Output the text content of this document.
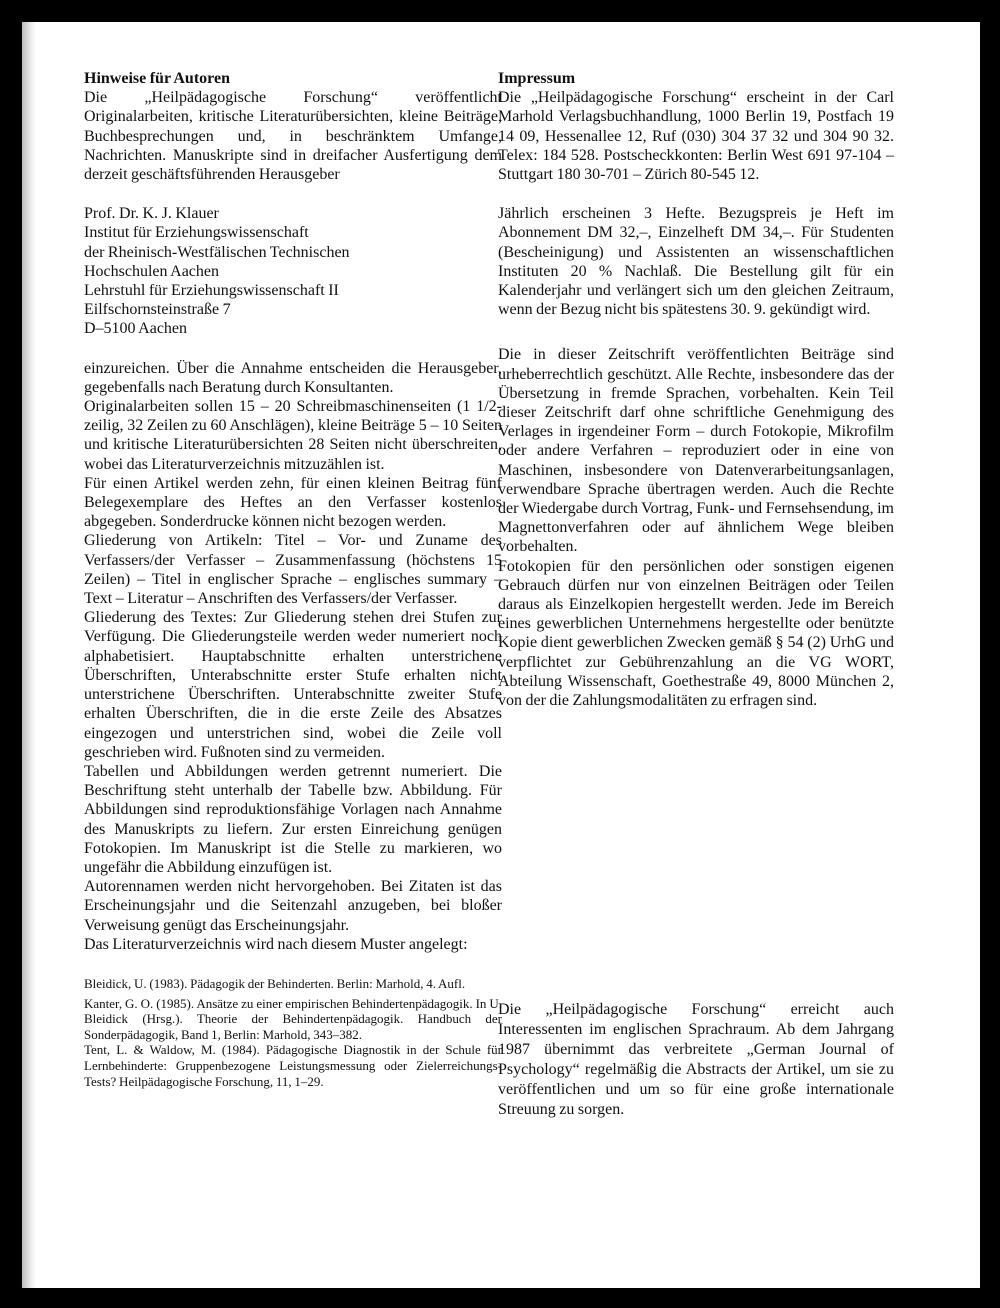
Hinweise für Autoren

Die „Heilpädagogische Forschung“ veröffentlicht Originalarbeiten, kritische Literaturübersichten, kleine Beiträge, Buchbesprechungen und, in beschränktem Umfange, Nachrichten. Manuskripte sind in dreifacher Ausfertigung dem derzeit geschäftsführenden Herausgeber

Prof. Dr. K. J. Klauer
Institut für Erziehungswissenschaft
der Rheinisch-Westfälischen Technischen
Hochschulen Aachen
Lehrstuhl für Erziehungswissenschaft II
Eilfschornsteinstraße 7
D–5100 Aachen

einzureichen. Über die Annahme entscheiden die Herausgeber, gegebenfalls nach Beratung durch Konsultanten.

Originalarbeiten sollen 15 – 20 Schreibmaschinenseiten (1 1/2-zeilig, 32 Zeilen zu 60 Anschlägen), kleine Beiträge 5 – 10 Seiten und kritische Literaturübersichten 28 Seiten nicht überschreiten, wobei das Literaturverzeichnis mitzuzählen ist.

Für einen Artikel werden zehn, für einen kleinen Beitrag fünf Belegexemplare des Heftes an den Verfasser kostenlos abgegeben. Sonderdrucke können nicht bezogen werden.

Gliederung von Artikeln: Titel – Vor- und Zuname des Verfassers/der Verfasser – Zusammenfassung (höchstens 15 Zeilen) – Titel in englischer Sprache – englisches summary – Text – Literatur – Anschriften des Verfassers/der Verfasser.

Gliederung des Textes: Zur Gliederung stehen drei Stufen zur Verfügung. Die Gliederungsteile werden weder numeriert noch alphabetisiert. Hauptabschnitte erhalten unterstrichene Überschriften, Unterabschnitte erster Stufe erhalten nicht unterstrichene Überschriften. Unterabschnitte zweiter Stufe erhalten Überschriften, die in die erste Zeile des Absatzes eingezogen und unterstrichen sind, wobei die Zeile voll geschrieben wird. Fußnoten sind zu vermeiden.

Tabellen und Abbildungen werden getrennt numeriert. Die Beschriftung steht unterhalb der Tabelle bzw. Abbildung. Für Abbildungen sind reproduktionsfähige Vorlagen nach Annahme des Manuskripts zu liefern. Zur ersten Einreichung genügen Fotokopien. Im Manuskript ist die Stelle zu markieren, wo ungefähr die Abbildung einzufügen ist.

Autorennamen werden nicht hervorgehoben. Bei Zitaten ist das Erscheinungsjahr und die Seitenzahl anzugeben, bei bloßer Verweisung genügt das Erscheinungsjahr.

Das Literaturverzeichnis wird nach diesem Muster angelegt:

Bleidick, U. (1983). Pädagogik der Behinderten. Berlin: Marhold, 4. Aufl.

Kanter, G. O. (1985). Ansätze zu einer empirischen Behindertenpädagogik. In U. Bleidick (Hrsg.). Theorie der Behindertenpädagogik. Handbuch der Sonderpädagogik, Band 1, Berlin: Marhold, 343–382.

Tent, L. & Waldow, M. (1984). Pädagogische Diagnostik in der Schule für Lernbehinderte: Gruppenbezogene Leistungsmessung oder Zielerreichungs-Tests? Heilpädagogische Forschung, 11, 1–29.

Impressum

Die „Heilpädagogische Forschung“ erscheint in der Carl Marhold Verlagsbuchhandlung, 1000 Berlin 19, Postfach 19 14 09, Hessenallee 12, Ruf (030) 304 37 32 und 304 90 32. Telex: 184 528. Postscheckkonten: Berlin West 691 97-104 – Stuttgart 180 30-701 – Zürich 80-545 12.

Jährlich erscheinen 3 Hefte. Bezugspreis je Heft im Abonnement DM 32,–, Einzelheft DM 34,–. Für Studenten (Bescheinigung) und Assistenten an wissenschaftlichen Instituten 20 % Nachlaß. Die Bestellung gilt für ein Kalenderjahr und verlängert sich um den gleichen Zeitraum, wenn der Bezug nicht bis spätestens 30. 9. gekündigt wird.

Die in dieser Zeitschrift veröffentlichten Beiträge sind urheberrechtlich geschützt. Alle Rechte, insbesondere das der Übersetzung in fremde Sprachen, vorbehalten. Kein Teil dieser Zeitschrift darf ohne schriftliche Genehmigung des Verlages in irgendeiner Form – durch Fotokopie, Mikrofilm oder andere Verfahren – reproduziert oder in eine von Maschinen, insbesondere von Datenverarbeitungsanlagen, verwendbare Sprache übertragen werden. Auch die Rechte der Wiedergabe durch Vortrag, Funk- und Fernsehsendung, im Magnettonverfahren oder auf ähnlichem Wege bleiben vorbehalten.

Fotokopien für den persönlichen oder sonstigen eigenen Gebrauch dürfen nur von einzelnen Beiträgen oder Teilen daraus als Einzelkopien hergestellt werden. Jede im Bereich eines gewerblichen Unternehmens hergestellte oder benützte Kopie dient gewerblichen Zwecken gemäß § 54 (2) UrhG und verpflichtet zur Gebührenzahlung an die VG WORT, Abteilung Wissenschaft, Goethestraße 49, 8000 München 2, von der die Zahlungsmodalitäten zu erfragen sind.

Die „Heilpädagogische Forschung“ erreicht auch Interessenten im englischen Sprachraum. Ab dem Jahrgang 1987 übernimmt das verbreitete „German Journal of Psychology“ regelmäßig die Abstracts der Artikel, um sie zu veröffentlichen und um so für eine große internationale Streuung zu sorgen.
